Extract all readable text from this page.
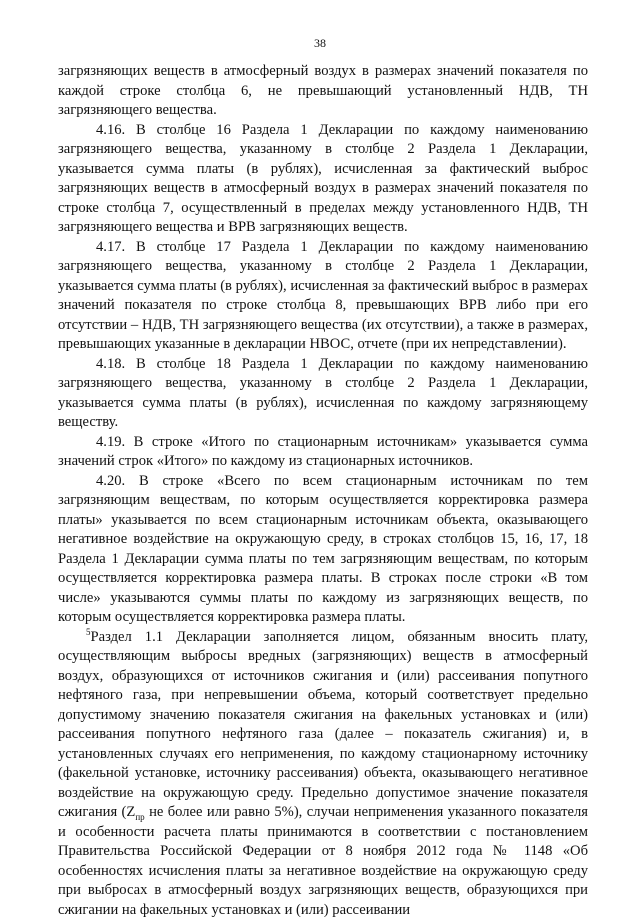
38

загрязняющих веществ в атмосферный воздух в размерах значений показателя по каждой строке столбца 6, не превышающий установленный НДВ, ТН загрязняющего вещества.

4.16. В столбце 16 Раздела 1 Декларации по каждому наименованию загрязняющего вещества, указанному в столбце 2 Раздела 1 Декларации, указывается сумма платы (в рублях), исчисленная за фактический выброс загрязняющих веществ в атмосферный воздух в размерах значений показателя по строке столбца 7, осуществленный в пределах между установленного НДВ, ТН загрязняющего вещества и ВРВ загрязняющих веществ.

4.17. В столбце 17 Раздела 1 Декларации по каждому наименованию загрязняющего вещества, указанному в столбце 2 Раздела 1 Декларации, указывается сумма платы (в рублях), исчисленная за фактический выброс в размерах значений показателя по строке столбца 8, превышающих ВРВ либо при его отсутствии – НДВ, ТН загрязняющего вещества (их отсутствии), а также в размерах, превышающих указанные в декларации НВОС, отчете (при их непредставлении).

4.18. В столбце 18 Раздела 1 Декларации по каждому наименованию загрязняющего вещества, указанному в столбце 2 Раздела 1 Декларации, указывается сумма платы (в рублях), исчисленная по каждому загрязняющему веществу.

4.19. В строке «Итого по стационарным источникам» указывается сумма значений строк «Итого» по каждому из стационарных источников.

4.20. В строке «Всего по всем стационарным источникам по тем загрязняющим веществам, по которым осуществляется корректировка размера платы» указывается по всем стационарным источникам объекта, оказывающего негативное воздействие на окружающую среду, в строках столбцов 15, 16, 17, 18 Раздела 1 Декларации сумма платы по тем загрязняющим веществам, по которым осуществляется корректировка размера платы. В строках после строки «В том числе» указываются суммы платы по каждому из загрязняющих веществ, по которым осуществляется корректировка размера платы.

$^5$Раздел 1.1 Декларации заполняется лицом, обязанным вносить плату, осуществляющим выбросы вредных (загрязняющих) веществ в атмосферный воздух, образующихся от источников сжигания и (или) рассеивания попутного нефтяного газа, при непревышении объема, который соответствует предельно допустимому значению показателя сжигания на факельных установках и (или) рассеивания попутного нефтяного газа (далее – показатель сжигания) и, в установленных случаях его неприменения, по каждому стационарному источнику (факельной установке, источнику рассеивания) объекта, оказывающего негативное воздействие на окружающую среду. Предельно допустимое значение показателя сжигания ($Z_{пр}$ не более или равно 5%), случаи неприменения указанного показателя и особенности расчета платы принимаются в соответствии с постановлением Правительства Российской Федерации от 8 ноября 2012 года № 1148 «Об особенностях исчисления платы за негативное воздействие на окружающую среду при выбросах в атмосферный воздух загрязняющих веществ, образующихся при сжигании на факельных установках и (или) рассеивании
